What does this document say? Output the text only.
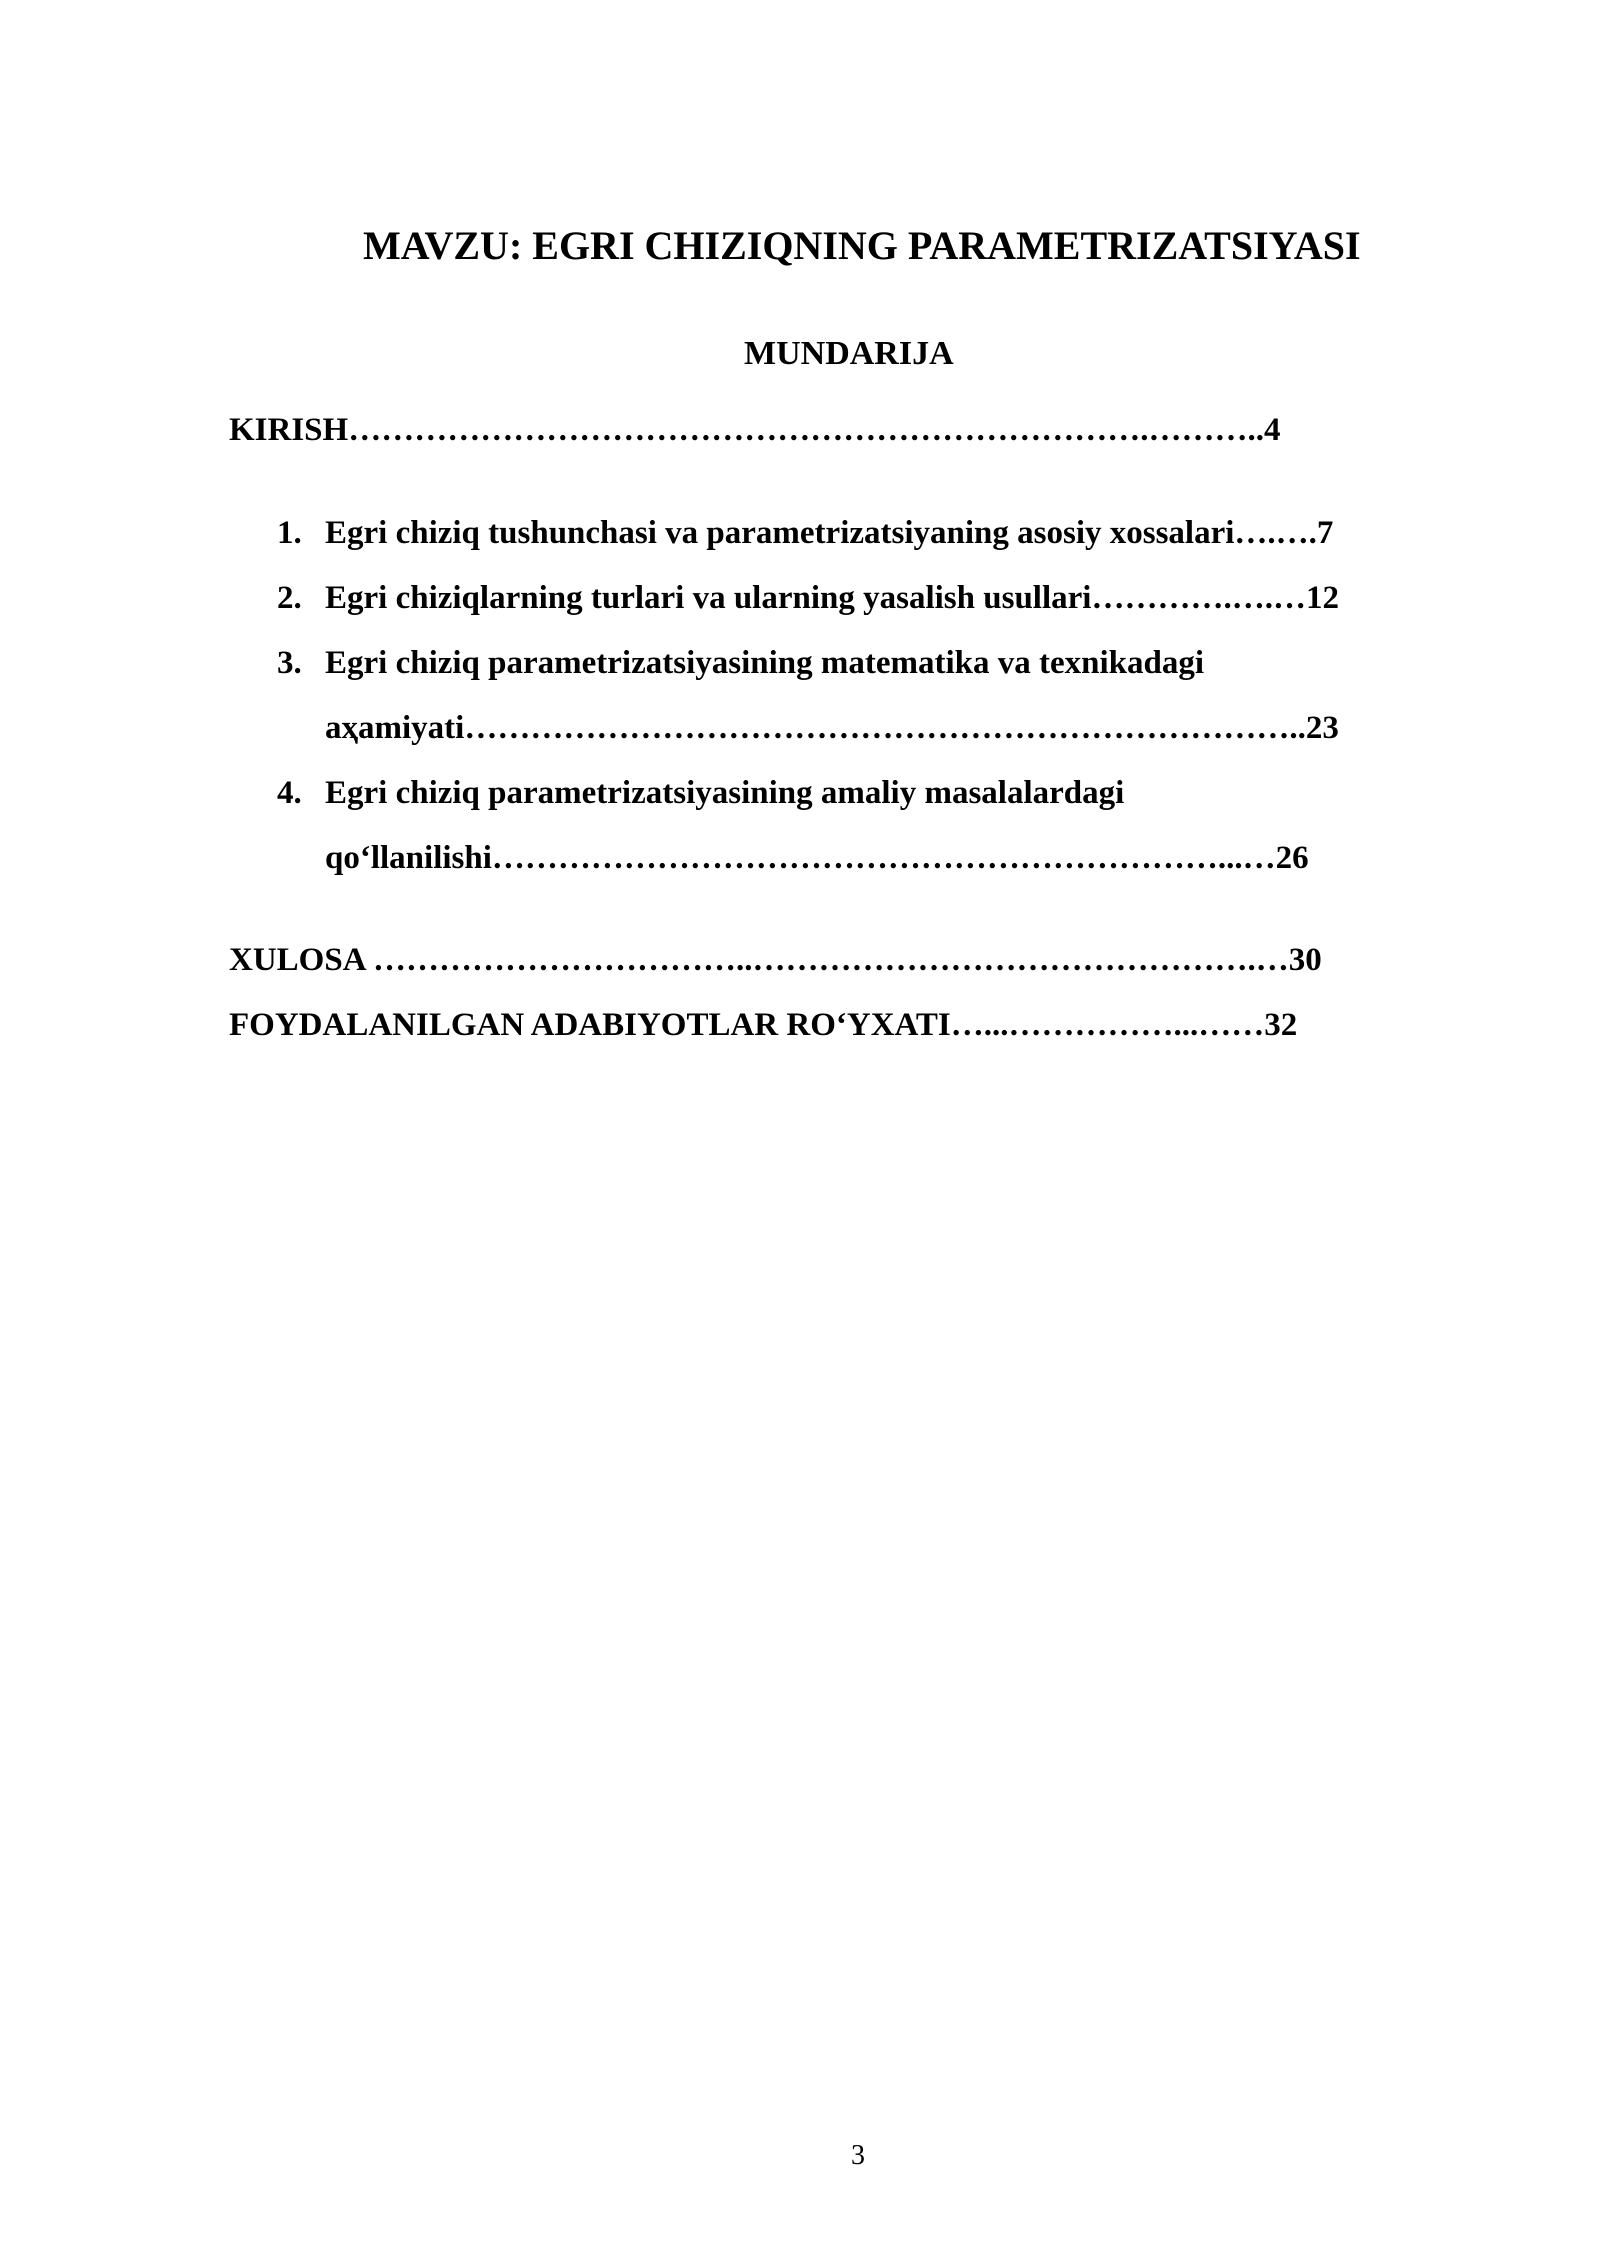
MAVZU: EGRI CHIZIQNING PARAMETRIZATSIYASI
MUNDARIJA
KIRISH……………………………………………………………….………..4
1. Egri chiziq tushunchasi va parametrizatsiyaning asosiy xossalari….….7
2. Egri chiziqlarning turlari va ularning yasalish usullari………….….…12
3. Egri chiziq parametrizatsiyasining matematika va texnikadagi
aҳamiyati…………………………………………………………………..23
4. Egri chiziq parametrizatsiyasining amaliy masalalardagi
qo‘llanilishi…………………………………………………………...…26
XULOSA ……………………………..……………………………………….…30
FOYDALANILGAN ADABIYOTLAR RO‘YXATI…...……………...……32
3
